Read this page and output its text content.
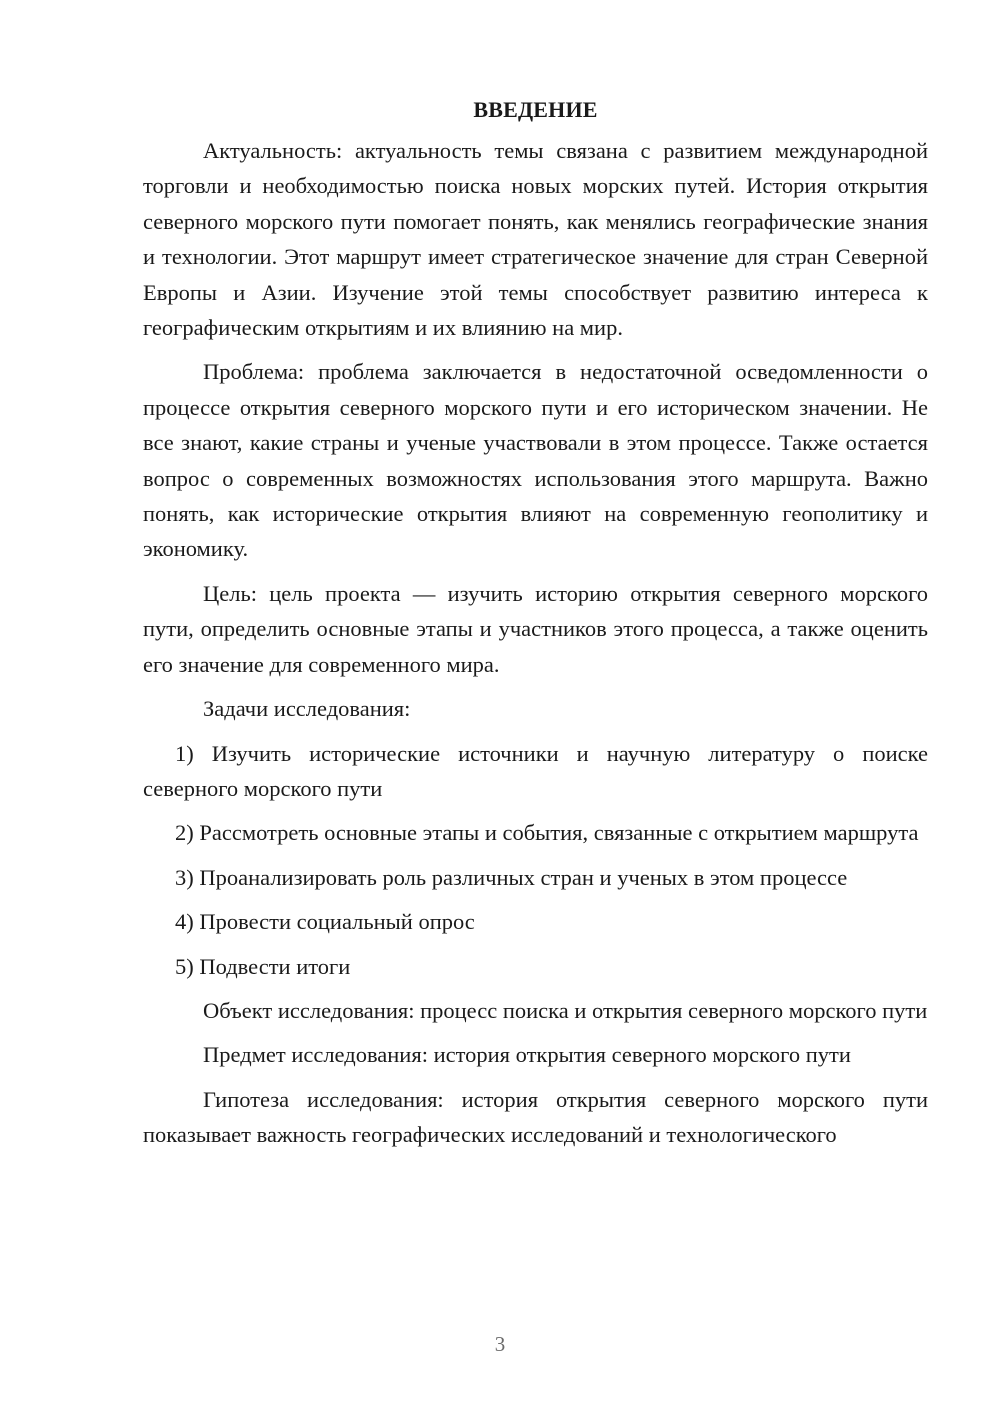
ВВЕДЕНИЕ

Актуальность: актуальность темы связана с развитием международной торговли и необходимостью поиска новых морских путей. История открытия северного морского пути помогает понять, как менялись географические знания и технологии. Этот маршрут имеет стратегическое значение для стран Северной Европы и Азии. Изучение этой темы способствует развитию интереса к географическим открытиям и их влиянию на мир.

Проблема: проблема заключается в недостаточной осведомленности о процессе открытия северного морского пути и его историческом значении. Не все знают, какие страны и ученые участвовали в этом процессе. Также остается вопрос о современных возможностях использования этого маршрута. Важно понять, как исторические открытия влияют на современную геополитику и экономику.

Цель: цель проекта — изучить историю открытия северного морского пути, определить основные этапы и участников этого процесса, а также оценить его значение для современного мира.

Задачи исследования:

1) Изучить исторические источники и научную литературу о поиске северного морского пути

2) Рассмотреть основные этапы и события, связанные с открытием маршрута

3) Проанализировать роль различных стран и ученых в этом процессе

4) Провести социальный опрос

5) Подвести итоги

Объект исследования: процесс поиска и открытия северного морского пути

Предмет исследования: история открытия северного морского пути

Гипотеза исследования: история открытия северного морского пути показывает важность географических исследований и технологического

3
